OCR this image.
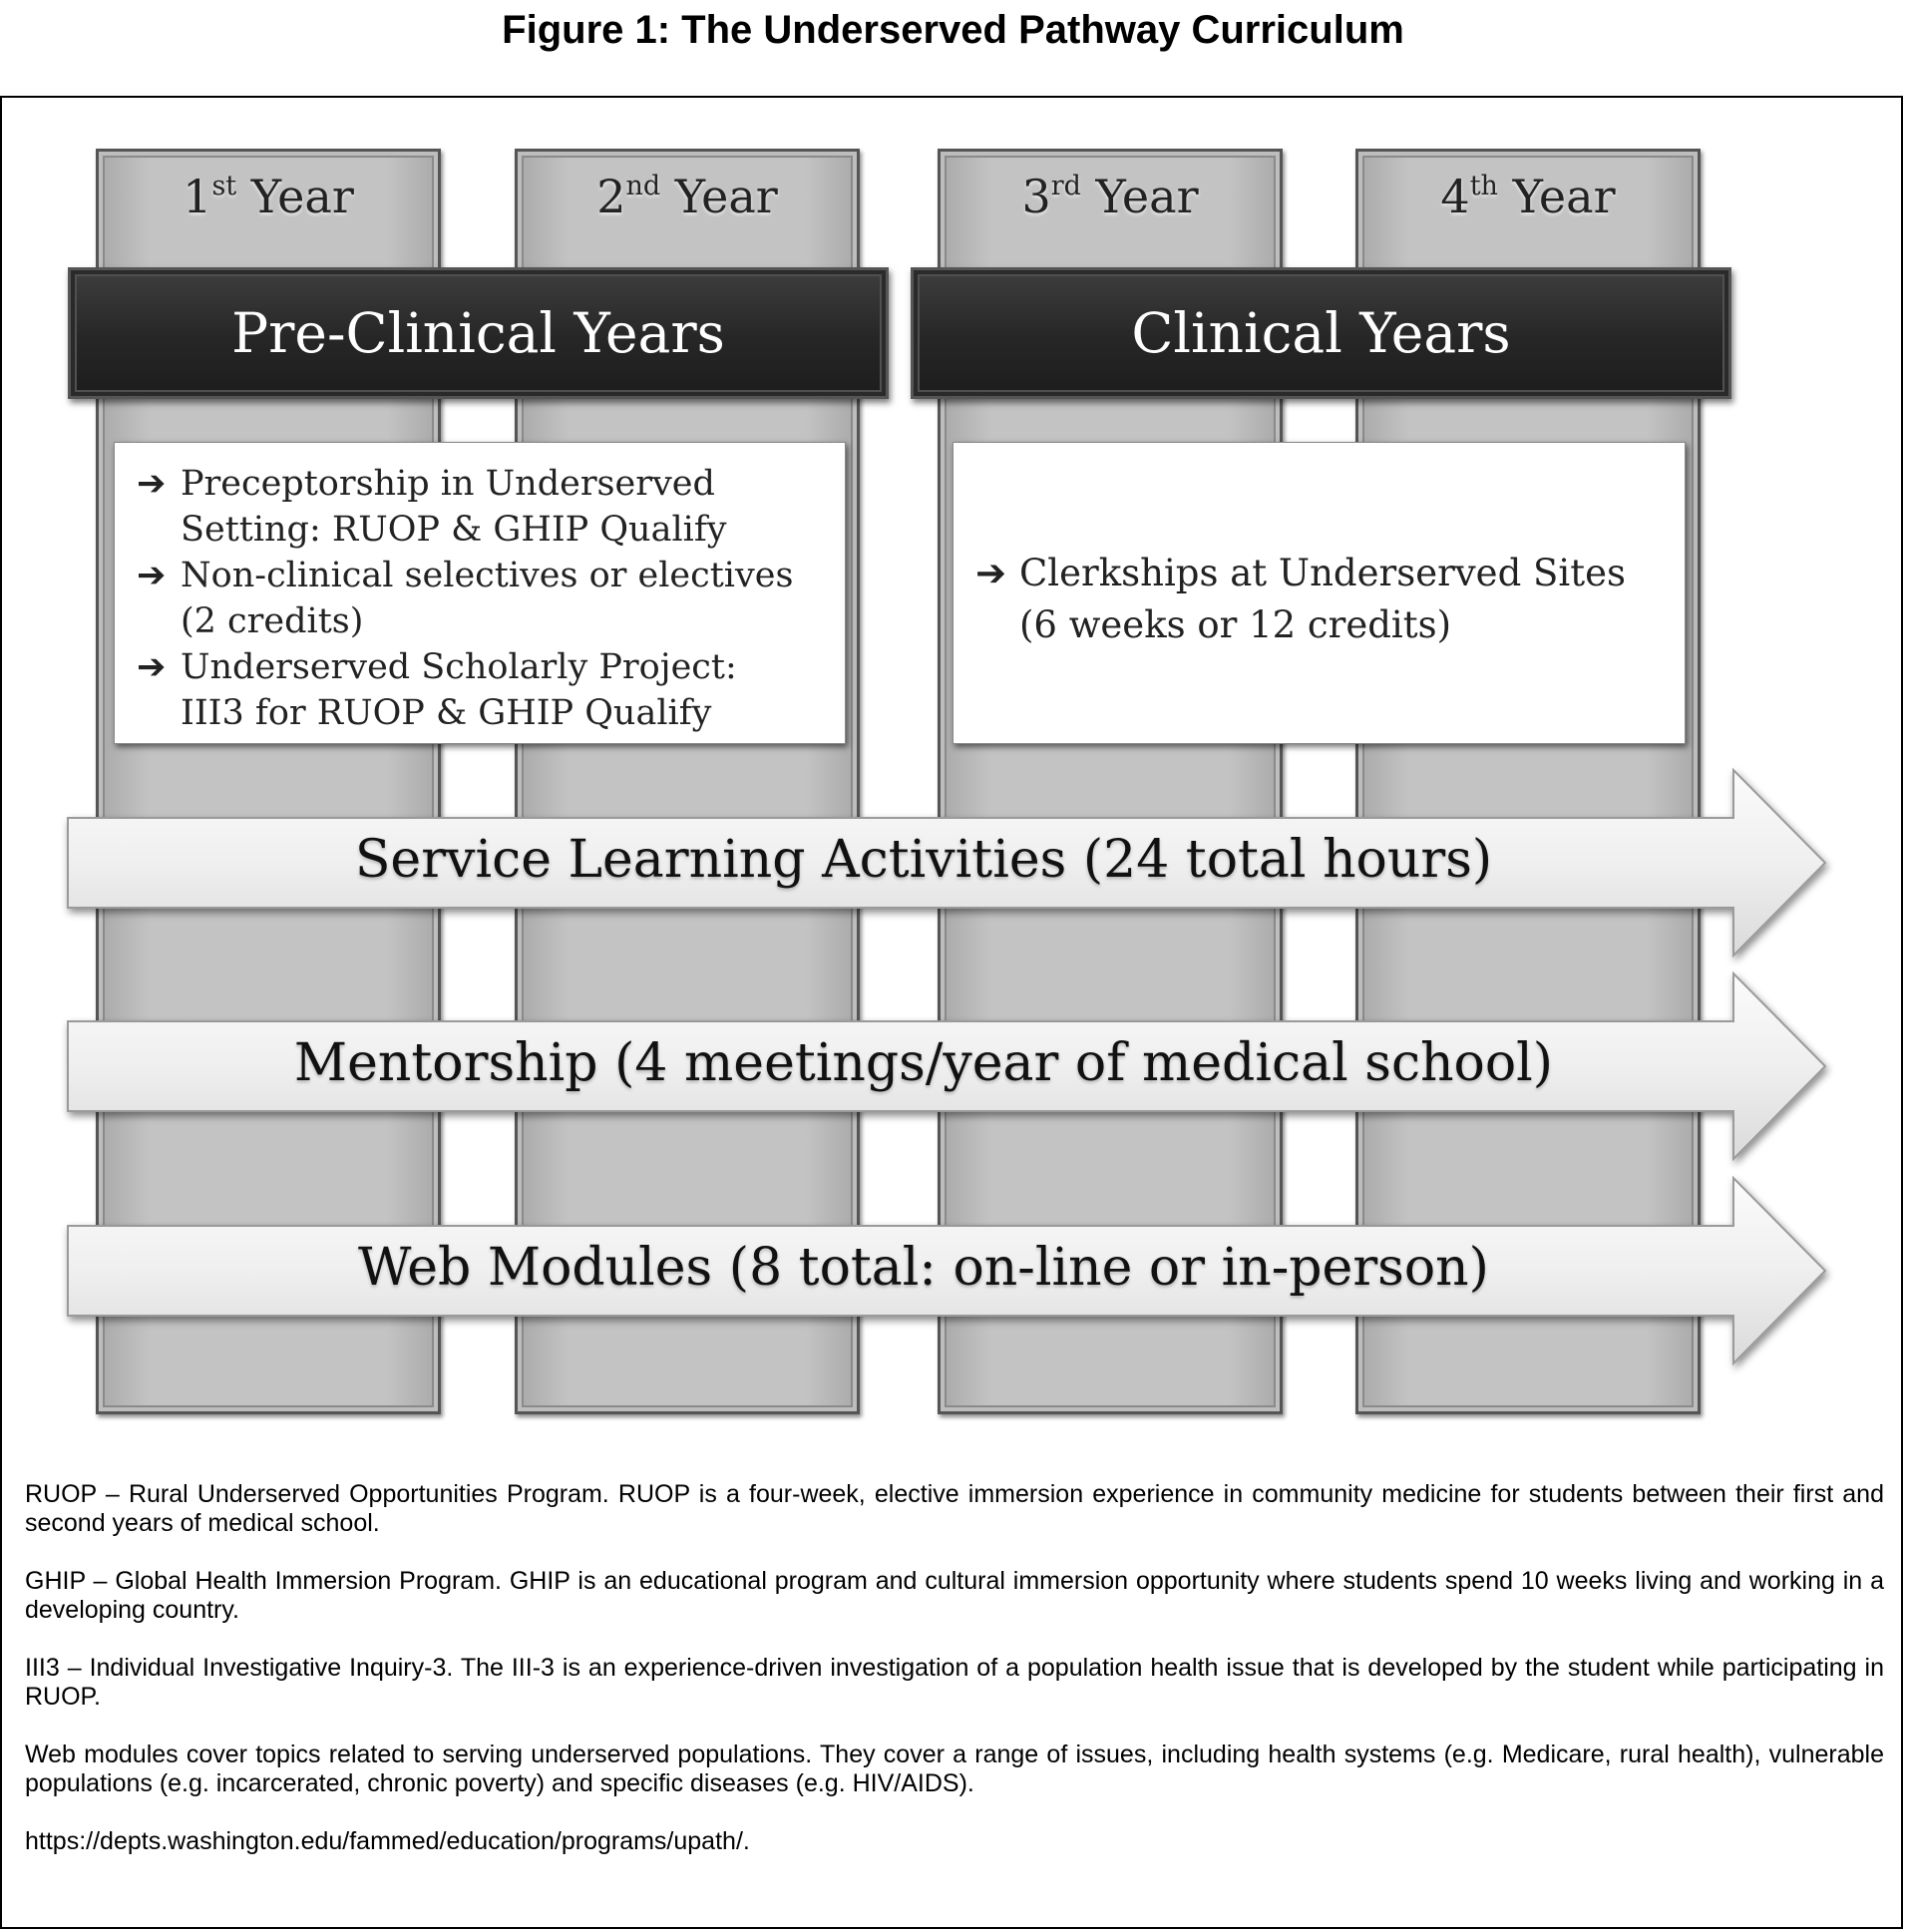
Figure 1: The Underserved Pathway Curriculum
1st Year	2nd Year	3rd Year	4th Year
Pre-Clinical Years	Clinical Years
➔ Preceptorship in Underserved
Setting: RUOP & GHIP Qualify
➔ Non-clinical selectives or electives
(2 credits)
➔ Underserved Scholarly Project:
III3 for RUOP & GHIP Qualify
➔ Clerkships at Underserved Sites
(6 weeks or 12 credits)
Service Learning Activities (24 total hours)
Mentorship (4 meetings/year of medical school)
Web Modules (8 total: on-line or in-person)

RUOP – Rural Underserved Opportunities Program. RUOP is a four-week, elective immersion experience in community medicine for students between their first and second years of medical school.

GHIP – Global Health Immersion Program. GHIP is an educational program and cultural immersion opportunity where students spend 10 weeks living and working in a developing country.

III3 – Individual Investigative Inquiry-3. The III-3 is an experience-driven investigation of a population health issue that is developed by the student while participating in RUOP.

Web modules cover topics related to serving underserved populations. They cover a range of issues, including health systems (e.g. Medicare, rural health), vulnerable populations (e.g. incarcerated, chronic poverty) and specific diseases (e.g. HIV/AIDS).

https://depts.washington.edu/fammed/education/programs/upath/.
